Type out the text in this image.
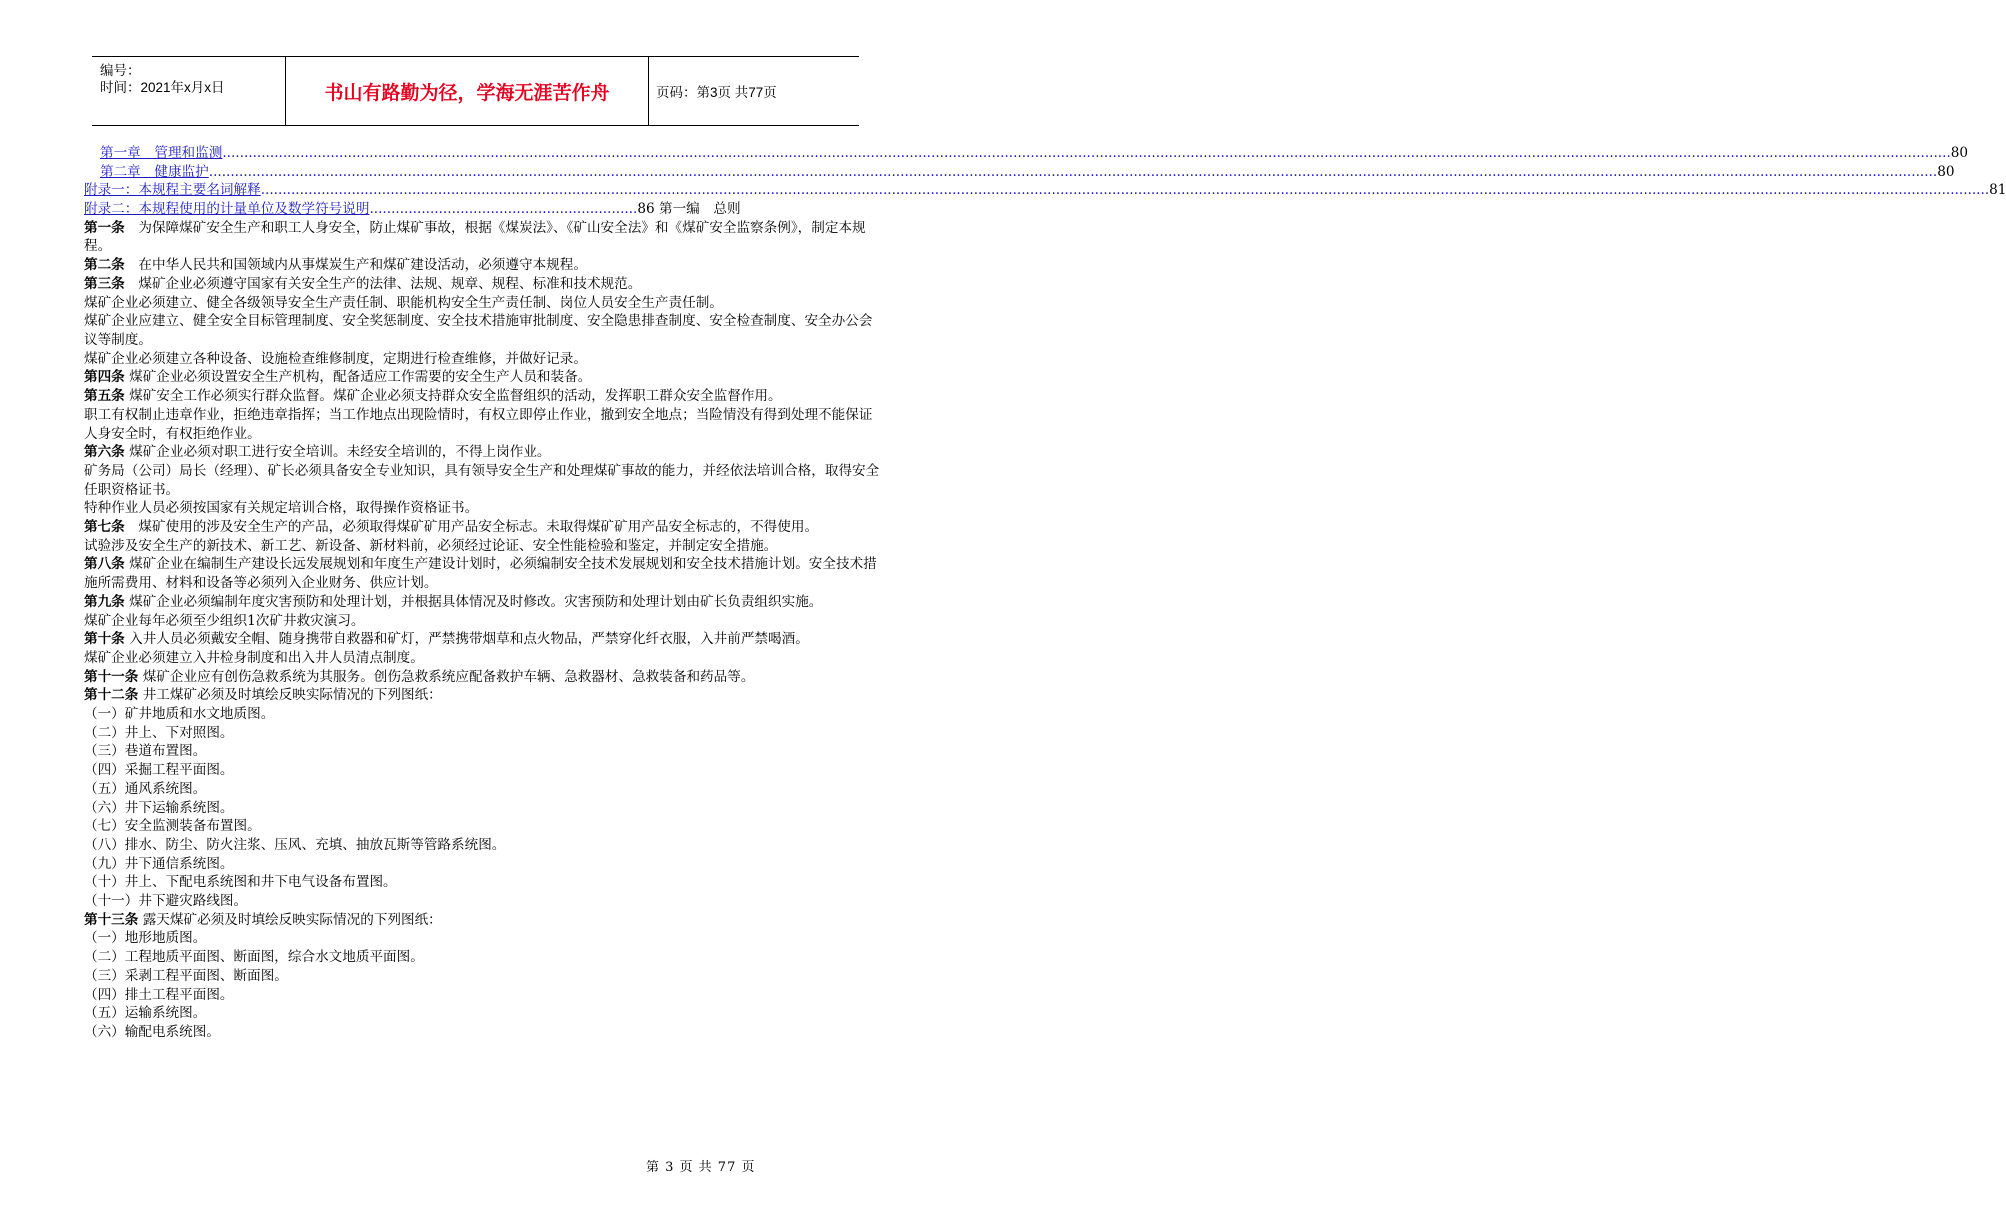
编号：
时间：2021年x月x日	书山有路勤为径，学海无涯苦作舟	页码：第3页 共77页
第一章　管理和监测 ................................................................................................................................................................................................................................................................................................................................................................................................................ 80
第二章　健康监护 ................................................................................................................................................................................................................................................................................................................................................................................................................ 80
附录一：本规程主要名词解释 ................................................................................................................................................................................................................................................................................................................................................................................................................ 81
附录二：本规程使用的计量单位及数学符号说明..............................................................86 第一编　总则

第一条　为保障煤矿安全生产和职工人身安全，防止煤矿事故，根据《煤炭法》、《矿山安全法》和《煤矿安全监察条例》，制定本规程。

第二条　在中华人民共和国领域内从事煤炭生产和煤矿建设活动，必须遵守本规程。

第三条　煤矿企业必须遵守国家有关安全生产的法律、法规、规章、规程、标准和技术规范。

煤矿企业必须建立、健全各级领导安全生产责任制、职能机构安全生产责任制、岗位人员安全生产责任制。

煤矿企业应建立、健全安全目标管理制度、安全奖惩制度、安全技术措施审批制度、安全隐患排查制度、安全检查制度、安全办公会议等制度。

煤矿企业必须建立各种设备、设施检查维修制度，定期进行检查维修，并做好记录。

第四条 煤矿企业必须设置安全生产机构，配备适应工作需要的安全生产人员和装备。

第五条 煤矿安全工作必须实行群众监督。煤矿企业必须支持群众安全监督组织的活动，发挥职工群众安全监督作用。

职工有权制止违章作业，拒绝违章指挥；当工作地点出现险情时，有权立即停止作业，撤到安全地点；当险情没有得到处理不能保证人身安全时，有权拒绝作业。

第六条 煤矿企业必须对职工进行安全培训。未经安全培训的，不得上岗作业。

矿务局（公司）局长（经理）、矿长必须具备安全专业知识，具有领导安全生产和处理煤矿事故的能力，并经依法培训合格，取得安全任职资格证书。

特种作业人员必须按国家有关规定培训合格，取得操作资格证书。

第七条　煤矿使用的涉及安全生产的产品，必须取得煤矿矿用产品安全标志。未取得煤矿矿用产品安全标志的，不得使用。

试验涉及安全生产的新技术、新工艺、新设备、新材料前，必须经过论证、安全性能检验和鉴定，并制定安全措施。

第八条 煤矿企业在编制生产建设长远发展规划和年度生产建设计划时，必须编制安全技术发展规划和安全技术措施计划。安全技术措施所需费用、材料和设备等必须列入企业财务、供应计划。

第九条 煤矿企业必须编制年度灾害预防和处理计划，并根据具体情况及时修改。灾害预防和处理计划由矿长负责组织实施。

煤矿企业每年必须至少组织1次矿井救灾演习。

第十条 入井人员必须戴安全帽、随身携带自救器和矿灯，严禁携带烟草和点火物品，严禁穿化纤衣服，入井前严禁喝酒。

煤矿企业必须建立入井检身制度和出入井人员清点制度。

第十一条 煤矿企业应有创伤急救系统为其服务。创伤急救系统应配备救护车辆、急救器材、急救装备和药品等。

第十二条 井工煤矿必须及时填绘反映实际情况的下列图纸：

（一）矿井地质和水文地质图。

（二）井上、下对照图。

（三）巷道布置图。

（四）采掘工程平面图。

（五）通风系统图。

（六）井下运输系统图。

（七）安全监测装备布置图。

（八）排水、防尘、防火注浆、压风、充填、抽放瓦斯等管路系统图。

（九）井下通信系统图。

（十）井上、下配电系统图和井下电气设备布置图。

（十一）井下避灾路线图。

第十三条 露天煤矿必须及时填绘反映实际情况的下列图纸：

（一）地形地质图。

（二）工程地质平面图、断面图，综合水文地质平面图。

（三）采剥工程平面图、断面图。

（四）排土工程平面图。

（五）运输系统图。

（六）输配电系统图。

第 3 页 共 77 页
